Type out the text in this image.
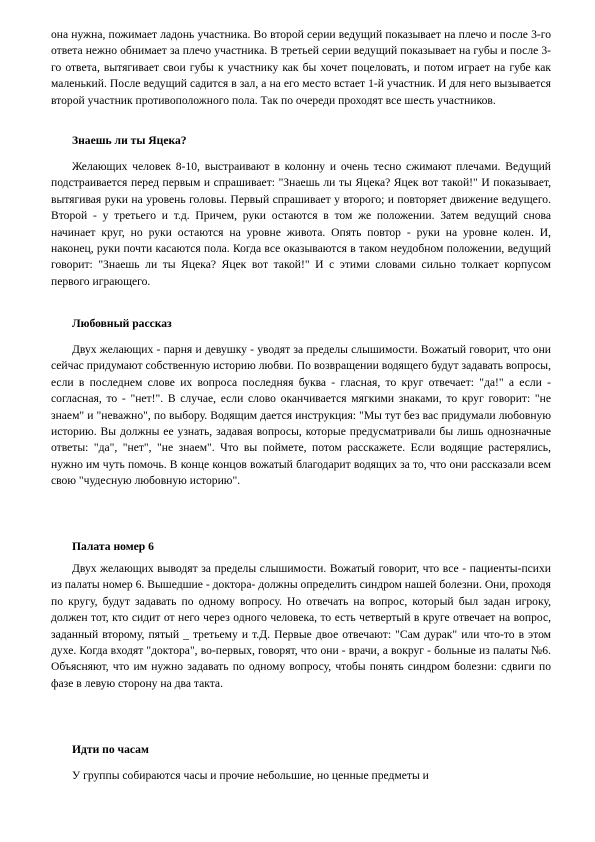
она нужна, пожимает ладонь участника. Во второй серии ведущий показывает на плечо и после 3-го ответа нежно обнимает за плечо участника. В третьей серии ведущий показывает на губы и после 3-го ответа, вытягивает свои губы к участнику как бы хочет поцеловать, и потом играет на губе как маленький. После ведущий садится в зал, а на его место встает 1-й участник. И для него вызывается второй участник противоположного пола. Так по очереди проходят все шесть участников.

Знаешь ли ты Яцека?

Желающих человек 8-10, выстраивают в колонну и очень тесно сжимают плечами. Ведущий подстраивается перед первым и спрашивает: "Знаешь ли ты Яцека? Яцек вот такой!" И показывает, вытягивая руки на уровень головы. Первый спрашивает у второго; и повторяет движение ведущего. Второй - у третьего и т.д. Причем, руки остаются в том же положении. Затем ведущий снова начинает круг, но руки остаются на уровне живота. Опять повтор - руки на уровне колен. И, наконец, руки почти касаются пола. Когда все оказываются в таком неудобном положении, ведущий говорит: "Знаешь ли ты Яцека? Яцек вот такой!" И с этими словами сильно толкает корпусом первого играющего.

Любовный рассказ

Двух желающих - парня и девушку - уводят за пределы слышимости. Вожатый говорит, что они сейчас придумают собственную историю любви. По возвращении водящего будут задавать вопросы, если в последнем слове их вопроса последняя буква - гласная, то круг отвечает: "да!" а если - согласная, то - "нет!". В случае, если слово оканчивается мягкими знаками, то круг говорит: "не знаем" и "неважно", по выбору. Водящим дается инструкция: "Мы тут без вас придумали любовную историю. Вы должны ее узнать, задавая вопросы, которые предусматривали бы лишь однозначные ответы: "да", "нет", "не знаем". Что вы поймете, потом расскажете. Если водящие растерялись, нужно им чуть помочь. В конце концов вожатый благодарит водящих за то, что они рассказали всем свою "чудесную любовную историю".

Палата номер 6

Двух желающих выводят за пределы слышимости. Вожатый говорит, что все - пациенты-психи из палаты номер 6. Вышедшие - доктора- должны определить синдром нашей болезни. Они, проходя по кругу, будут задавать по одному вопросу. Но отвечать на вопрос, который был задан игроку, должен тот, кто сидит от него через одного человека, то есть четвертый в круге отвечает на вопрос, заданный второму, пятый _ третьему и т.Д. Первые двое отвечают: "Сам дурак" или что-то в этом духе. Когда входят "доктора", во-первых, говорят, что они - врачи, а вокруг - больные из палаты №6. Объясняют, что им нужно задавать по одному вопросу, чтобы понять синдром болезни: сдвиги по фазе в левую сторону на два такта.

Идти по часам

У группы собираются часы и прочие небольшие, но ценные предметы и
